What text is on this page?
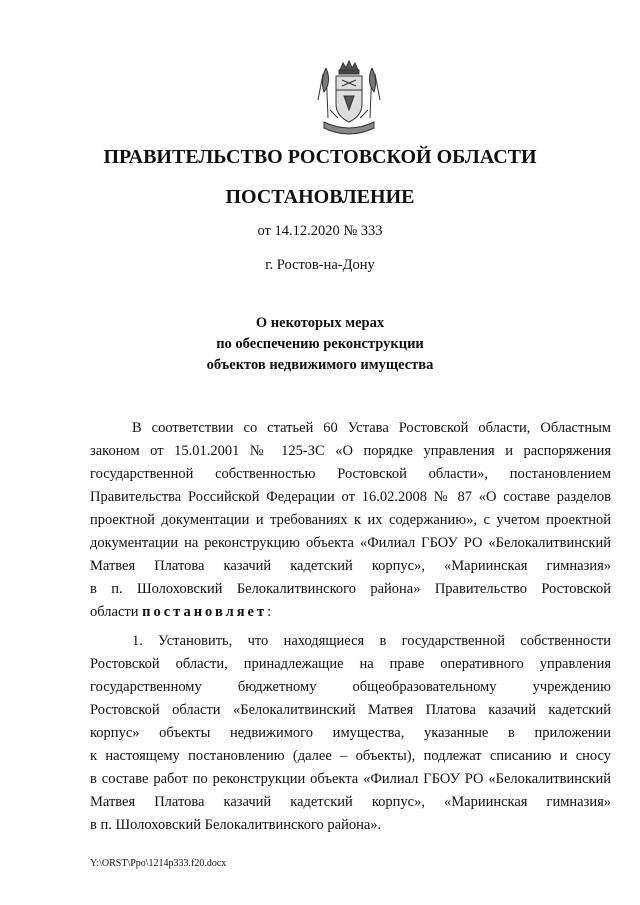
ПРАВИТЕЛЬСТВО РОСТОВСКОЙ ОБЛАСТИ
ПОСТАНОВЛЕНИЕ
от 14.12.2020 № 333
г. Ростов-на-Дону
О некоторых мерах
по обеспечению реконструкции
объектов недвижимого имущества
В соответствии со статьей 60 Устава Ростовской области, Областным
законом от 15.01.2001 № 125-ЗС «О порядке управления и распоряжения
государственной собственностью Ростовской области», постановлением
Правительства Российской Федерации от 16.02.2008 № 87 «О составе разделов
проектной документации и требованиях к их содержанию», с учетом проектной
документации на реконструкцию объекта «Филиал ГБОУ РО «Белокалитвинский
Матвея Платова казачий кадетский корпус», «Мариинская гимназия»
в п. Шолоховский Белокалитвинского района» Правительство Ростовской
области постановляет:
1. Установить, что находящиеся в государственной собственности
Ростовской области, принадлежащие на праве оперативного управления
государственному бюджетному общеобразовательному учреждению
Ростовской области «Белокалитвинский Матвея Платова казачий кадетский
корпус» объекты недвижимого имущества, указанные в приложении
к настоящему постановлению (далее – объекты), подлежат списанию и сносу
в составе работ по реконструкции объекта «Филиал ГБОУ РО «Белокалитвинский
Матвея Платова казачий кадетский корпус», «Мариинская гимназия»
в п. Шолоховский Белокалитвинского района».
Y:\ORST\Ppo\1214p333.f20.docx
